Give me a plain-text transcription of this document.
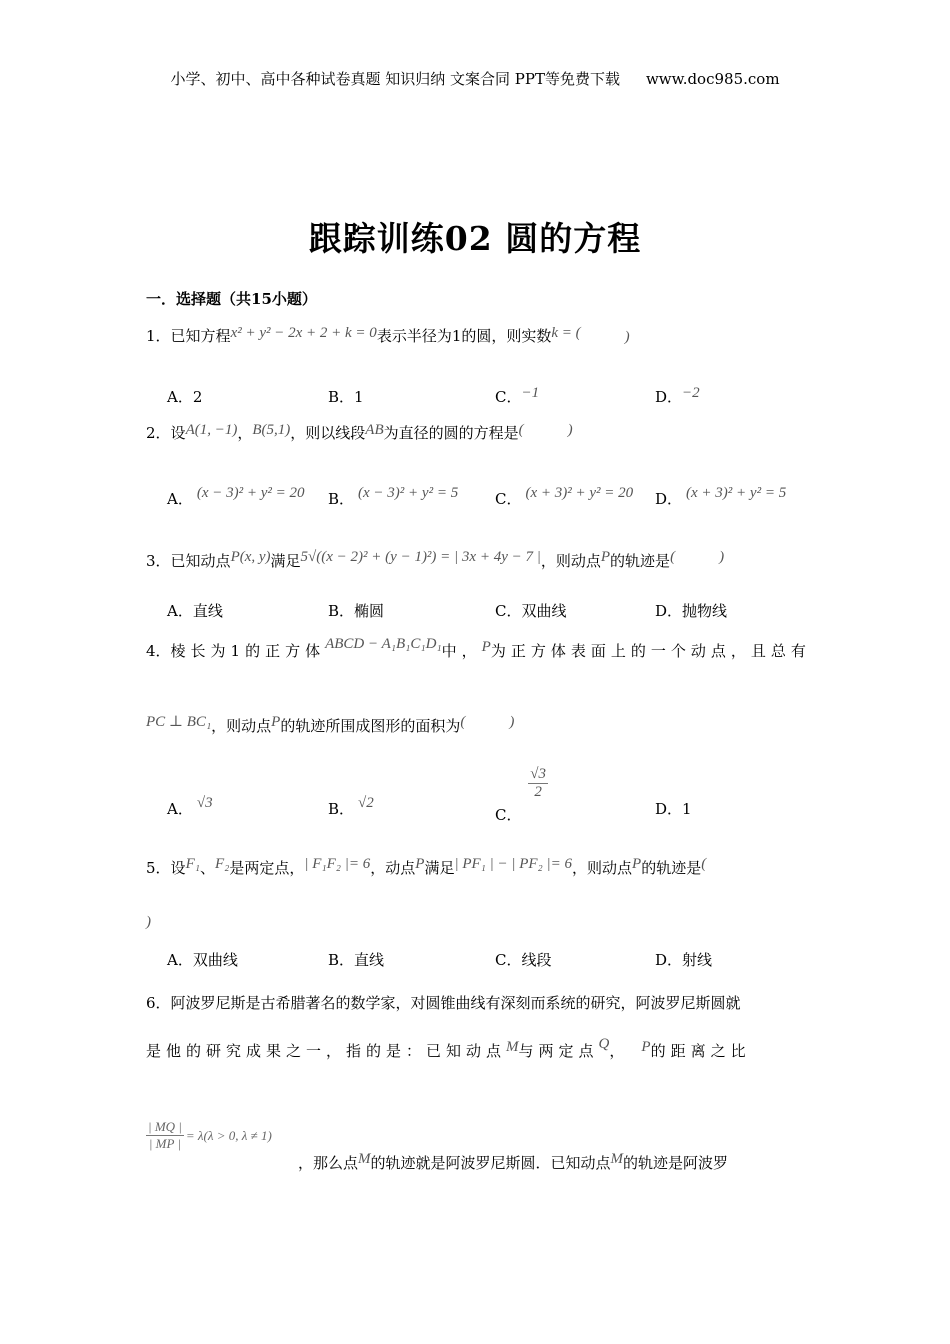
小学、初中、高中各种试卷真题 知识归纳 文案合同 PPT等免费下载 www.doc985.com
跟踪训练02 圆的方程
一．选择题（共15小题）
1．已知方程x² + y² − 2x + 2 + k = 0表示半径为1的圆，则实数k = (	)
A．2	B．1	C．−1	D．−2
2．设A(1, −1)，B(5,1)，则以线段AB为直径的圆的方程是(	)
A． (x − 3)² + y² = 20 B． (x − 3)² + y² = 5 C． (x + 3)² + y² = 20 D． (x + 3)² + y² = 5
3．已知动点P(x, y)满足5√((x − 2)² + (y − 1)²) = | 3x + 4y − 7 |，则动点P的轨迹是(	)
A．直线	B．椭圆	C．双曲线	D．抛物线
4．棱长为1的正方体ABCD − A₁B₁C₁D₁中，P为正方体表面上的一个动点，且总有
PC ⊥ BC₁，则动点P的轨迹所围成图形的面积为(	)
A． √3	B． √2
C．
$\frac{√3}{2}$
D．1
5．设F₁、F₂是两定点，| F₁F₂ |= 6，动点P满足| PF₁ | − | PF₂ |= 6，则动点P的轨迹是(
)
A．双曲线	B．直线	C．线段	D．射线
6．阿波罗尼斯是古希腊著名的数学家，对圆锥曲线有深刻而系统的研究，阿波罗尼斯圆就
是他的研究成果之一，指的是：已知动点M与两定点Q， P的距离之比
$\frac{| MQ |}{| MP |} = \lambda(\lambda > 0$, λ ≠ 1)
，那么点M的轨迹就是阿波罗尼斯圆．已知动点M的轨迹是阿波罗
